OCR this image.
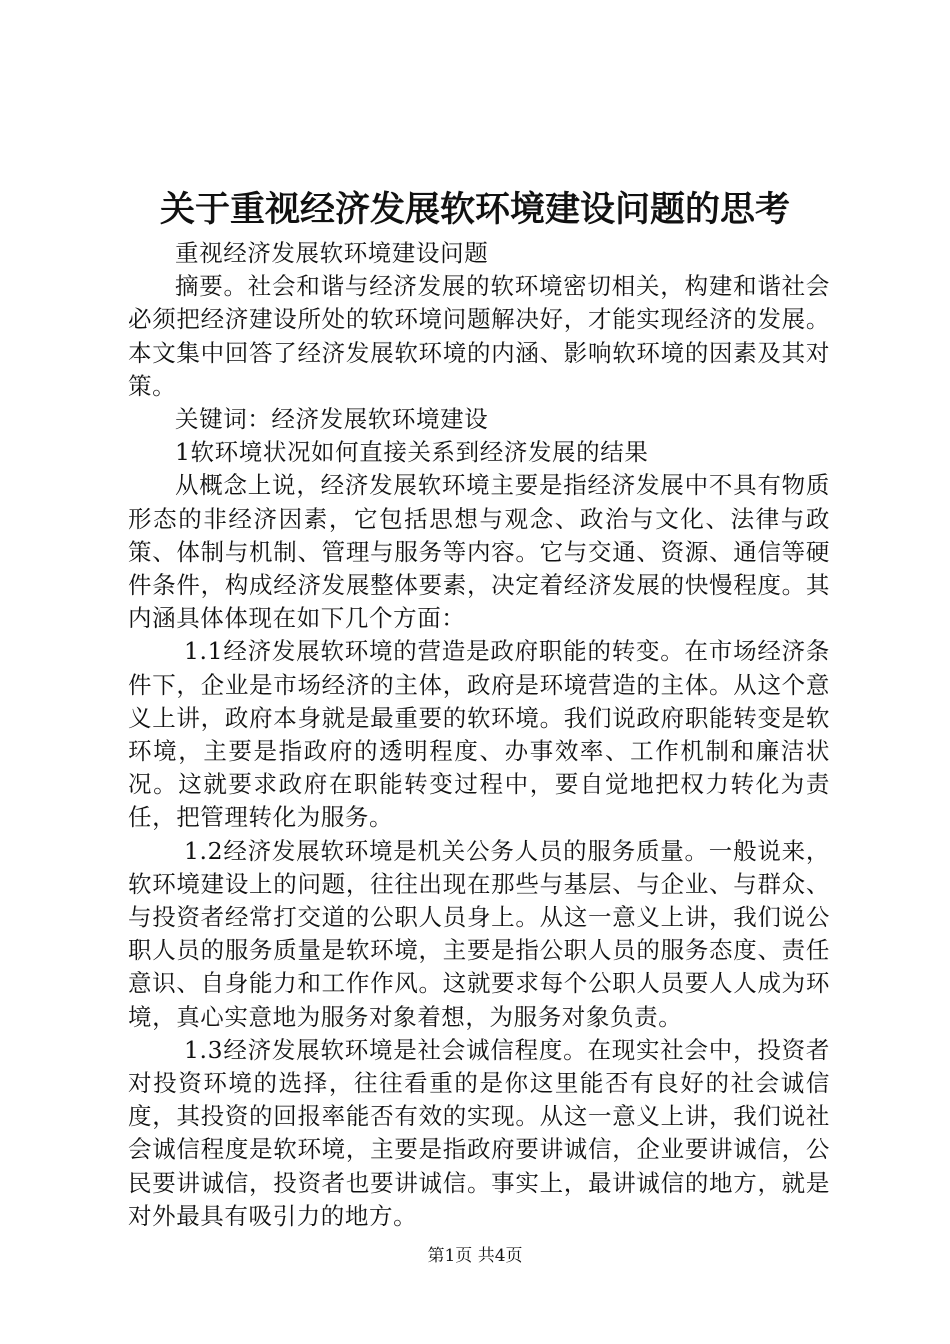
关于重视经济发展软环境建设问题的思考

重视经济发展软环境建设问题

摘要。社会和谐与经济发展的软环境密切相关，构建和谐社会必须把经济建设所处的软环境问题解决好，才能实现经济的发展。本文集中回答了经济发展软环境的内涵、影响软环境的因素及其对策。

关键词：经济发展软环境建设

1软环境状况如何直接关系到经济发展的结果

从概念上说，经济发展软环境主要是指经济发展中不具有物质形态的非经济因素，它包括思想与观念、政治与文化、法律与政策、体制与机制、管理与服务等内容。它与交通、资源、通信等硬件条件，构成经济发展整体要素，决定着经济发展的快慢程度。其内涵具体体现在如下几个方面：

1.1经济发展软环境的营造是政府职能的转变。在市场经济条件下，企业是市场经济的主体，政府是环境营造的主体。从这个意义上讲，政府本身就是最重要的软环境。我们说政府职能转变是软环境，主要是指政府的透明程度、办事效率、工作机制和廉洁状况。这就要求政府在职能转变过程中，要自觉地把权力转化为责任，把管理转化为服务。

1.2经济发展软环境是机关公务人员的服务质量。一般说来，软环境建设上的问题，往往出现在那些与基层、与企业、与群众、与投资者经常打交道的公职人员身上。从这一意义上讲，我们说公职人员的服务质量是软环境，主要是指公职人员的服务态度、责任意识、自身能力和工作作风。这就要求每个公职人员要人人成为环境，真心实意地为服务对象着想，为服务对象负责。

1.3经济发展软环境是社会诚信程度。在现实社会中，投资者对投资环境的选择，往往看重的是你这里能否有良好的社会诚信度，其投资的回报率能否有效的实现。从这一意义上讲，我们说社会诚信程度是软环境，主要是指政府要讲诚信，企业要讲诚信，公民要讲诚信，投资者也要讲诚信。事实上，最讲诚信的地方，就是对外最具有吸引力的地方。

第1页 共4页
